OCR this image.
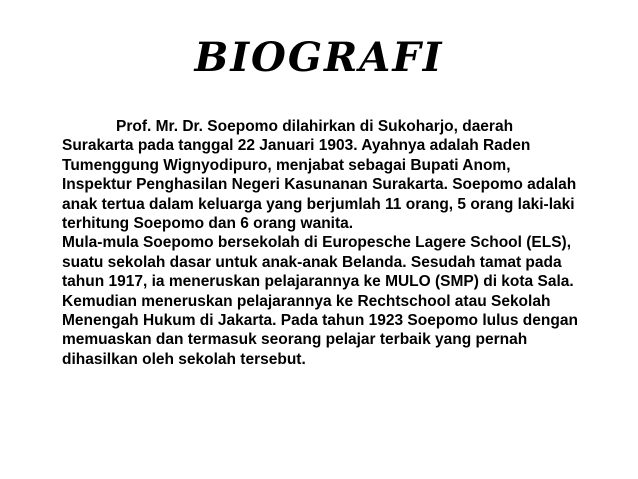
BIOGRAFI

Prof. Mr. Dr. Soepomo dilahirkan di Sukoharjo, daerah Surakarta pada tanggal 22 Januari 1903. Ayahnya adalah Raden Tumenggung Wignyodipuro, menjabat sebagai Bupati Anom, Inspektur Penghasilan Negeri Kasunanan Surakarta. Soepomo adalah anak tertua dalam keluarga yang berjumlah 11 orang, 5 orang laki-laki terhitung Soepomo dan 6 orang wanita.

Mula-mula Soepomo bersekolah di Europesche Lagere School (ELS), suatu sekolah dasar untuk anak-anak Belanda. Sesudah tamat pada tahun 1917, ia meneruskan pelajarannya ke MULO (SMP) di kota Sala. Kemudian meneruskan pelajarannya ke Rechtschool atau Sekolah Menengah Hukum di Jakarta. Pada tahun 1923 Soepomo lulus dengan memuaskan dan termasuk seorang pelajar terbaik yang pernah dihasilkan oleh sekolah tersebut.
